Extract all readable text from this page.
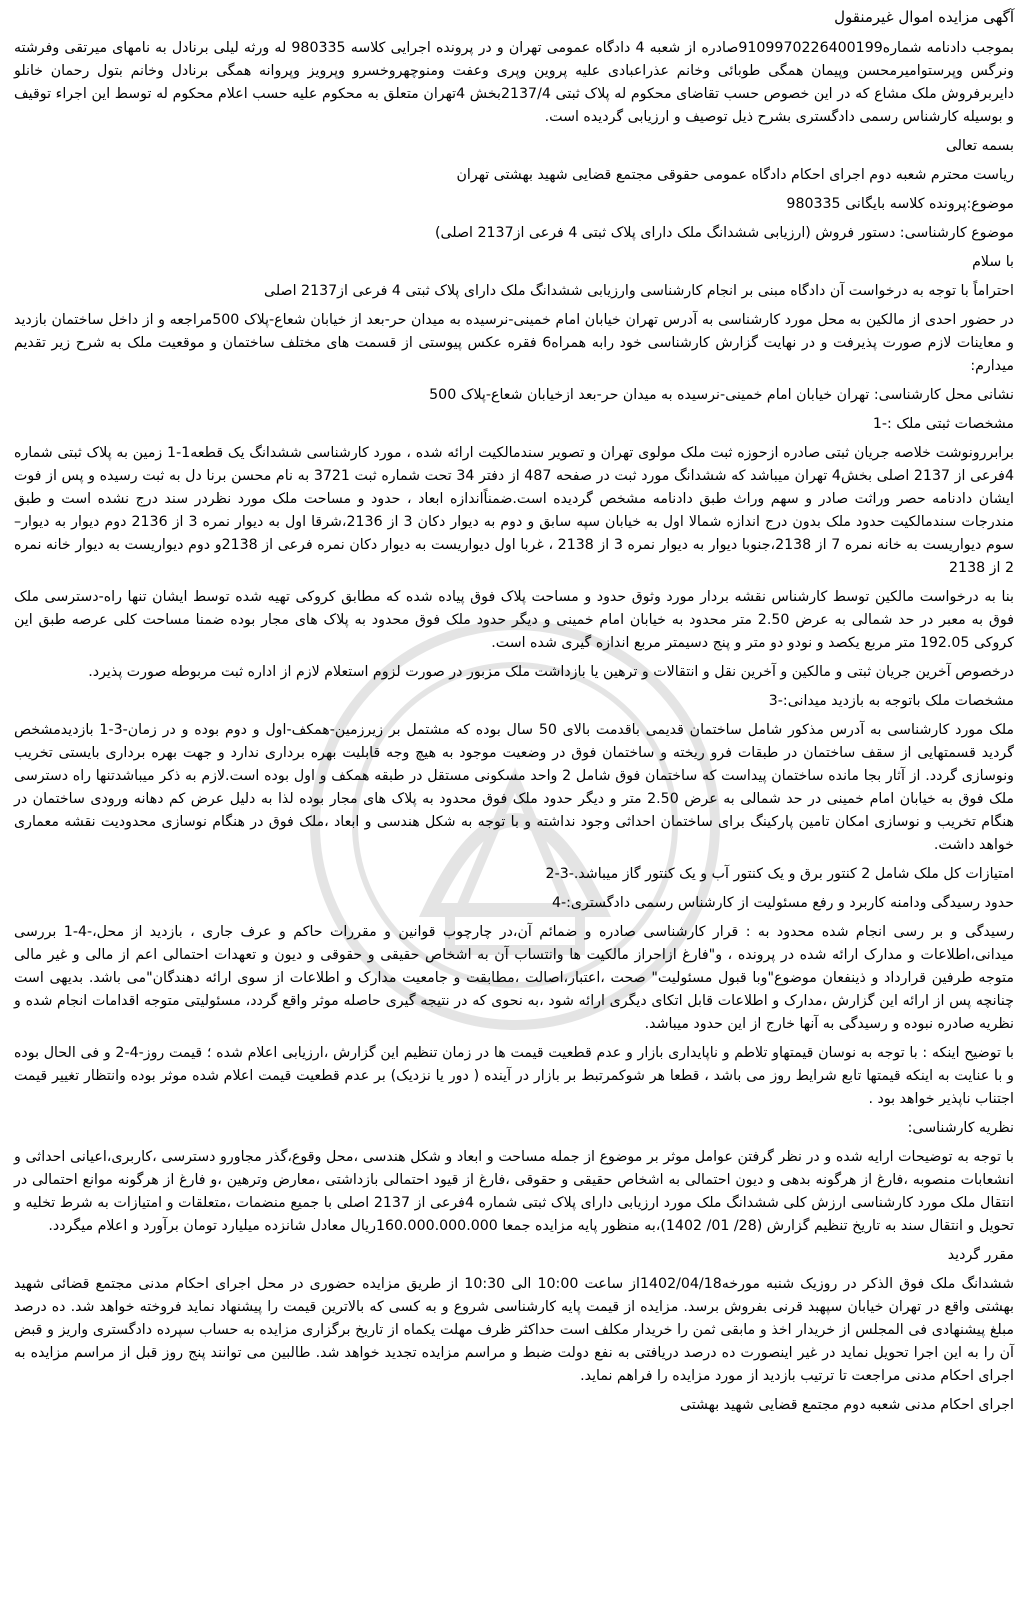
آگهی مزایده اموال غیرمنقول

بموجب دادنامه شماره9109970226400199صادره از شعبه 4 دادگاه عمومی تهران و در پرونده اجرایی کلاسه 980335 له ورثه لیلی برنادل به نامهای میرتقی وفرشته ونرگس وپرستوامیرمحسن وپیمان همگی طوبائی وخانم عذراعبادی علیه پروین وپری وعفت ومنوچهروخسرو وپرویز وپروانه همگی برنادل وخانم بتول رحمان خانلو دایربرفروش ملک مشاع که در این خصوص حسب تقاضای محکوم له پلاک ثبتی 2137/4بخش 4تهران متعلق به محکوم علیه حسب اعلام محکوم له توسط این اجراء توقیف و بوسیله کارشناس رسمی دادگستری بشرح ذیل توصیف و ارزیابی گردیده است.

بسمه تعالی

ریاست محترم شعبه دوم اجرای احکام دادگاه عمومی حقوقی مجتمع قضایی شهید بهشتی تهران

موضوع:پرونده کلاسه بایگانی 980335

موضوع کارشناسی: دستور فروش (ارزیابی ششدانگ ملک دارای پلاک ثبتی 4 فرعی از2137 اصلی)

با سلام

احتراماً با توجه به درخواست آن دادگاه مبنی بر انجام کارشناسی وارزیابی ششدانگ ملک دارای پلاک ثبتی 4 فرعی از2137 اصلی

در حضور احدی از مالکین به محل مورد کارشناسی به آدرس تهران خیابان امام خمینی-نرسیده به میدان حر-بعد از خیابان شعاع-پلاک 500مراجعه و از داخل ساختمان بازدید و معاینات لازم صورت پذیرفت و در نهایت گزارش کارشناسی خود رابه همراه6 فقره عکس پیوستی از قسمت های مختلف ساختمان و موقعیت ملک به شرح زیر تقدیم میدارم:

نشانی محل کارشناسی: تهران خیابان امام خمینی-نرسیده به میدان حر-بعد ازخیابان شعاع-پلاک 500

مشخصات ثبتی ملک :-1

برابررونوشت خلاصه جریان ثبتی صادره ازحوزه ثبت ملک مولوی تهران و تصویر سندمالکیت ارائه شده ، مورد کارشناسی ششدانگ یک قطعه1-1 زمین به پلاک ثبتی شماره 4فرعی از 2137 اصلی بخش4 تهران میباشد که ششدانگ مورد ثبت در صفحه 487 از دفتر 34 تحت شماره ثبت 3721 به نام محسن برنا دل به ثبت رسیده و پس از فوت ایشان دادنامه حصر وراثت صادر و سهم وراث طبق دادنامه مشخص گردیده است.ضمناًاندازه ابعاد ، حدود و مساحت ملک مورد نظردر سند درج نشده است و طبق مندرجات سندمالکیت حدود ملک بدون درج اندازه شمالا اول به خیابان سپه سابق و دوم به دیوار دکان 3 از 2136،شرقا اول به دیوار نمره 3 از 2136 دوم دیوار به دیوار–سوم دیواریست به خانه نمره 7 از 2138،جنوبا دیوار به دیوار نمره 3 از 2138 ، غربا اول دیواریست به دیوار دکان نمره فرعی از 2138و دوم دیواریست به دیوار خانه نمره 2 از 2138

بنا به درخواست مالکین توسط کارشناس نقشه بردار مورد وثوق حدود و مساحت پلاک فوق پیاده شده که مطابق کروکی تهیه شده توسط ایشان تنها راه-دسترسی ملک فوق به معبر در حد شمالی به عرض 2.50 متر محدود به خیابان امام خمینی و دیگر حدود ملک فوق محدود به پلاک های مجار بوده ضمنا مساحت کلی عرصه طبق این کروکی 192.05 متر مربع یکصد و نودو دو متر و پنج دسیمتر مربع اندازه گیری شده است.

درخصوص آخرین جریان ثبتی و مالکین و آخرین نقل و انتقالات و ترهین یا بازداشت ملک مزبور در صورت لزوم استعلام لازم از اداره ثبت مربوطه صورت پذیرد.

مشخصات ملک باتوجه به بازدید میدانی:-3

ملک مورد کارشناسی به آدرس مذکور شامل ساختمان قدیمی باقدمت بالای 50 سال بوده که مشتمل بر زیرزمین-همکف-اول و دوم بوده و در زمان-3-1 بازدیدمشخص گردید قسمتهایی از سقف ساختمان در طبقات فرو ریخته و ساختمان فوق در وضعیت موجود به هیچ وجه قابلیت بهره برداری ندارد و جهت بهره برداری بایستی تخریب ونوسازی گردد. از آثار بجا مانده ساختمان پیداست که ساختمان فوق شامل 2 واحد مسکونی مستقل در طبقه همکف و اول بوده است.لازم به ذکر میباشدتنها راه دسترسی ملک فوق به خیابان امام خمینی در حد شمالی به عرض 2.50 متر و دیگر حدود ملک فوق محدود به پلاک های مجار بوده لذا به دلیل عرض کم دهانه ورودی ساختمان در هنگام تخریب و نوسازی امکان تامین پارکینگ برای ساختمان احداثی وجود نداشته و با توجه به شکل هندسی و ابعاد ،ملک فوق در هنگام نوسازی محدودیت نقشه معماری خواهد داشت.

امتیازات کل ملک شامل 2 کنتور برق و یک کنتور آب و یک کنتور گاز میباشد.-3-2

حدود رسیدگی ودامنه کاربرد و رفع مسئولیت از کارشناس رسمی دادگستری:-4

رسیدگی و بر رسی انجام شده محدود به : قرار کارشناسی صادره و ضمائم آن،در چارچوب قوانین و مقررات حاکم و عرف جاری ، بازدید از محل،-4-1 بررسی میدانی،اطلاعات و مدارک ارائه شده در پرونده ، و"فارغ ازاحراز مالکیت ها وانتساب آن به اشخاص حقیقی و حقوقی و دیون و تعهدات احتمالی اعم از مالی و غیر مالی متوجه طرفین قرارداد و ذینفعان موضوع"وبا قبول مسئولیت" صحت ،اعتبار،اصالت ،مطابقت و جامعیت مدارک و اطلاعات از سوی ارائه دهندگان"می باشد. بدیهی است چنانچه پس از ارائه این گزارش ،مدارک و اطلاعات قابل اتکای دیگری ارائه شود ،به نحوی که در نتیجه گیری حاصله موثر واقع گردد، مسئولیتی متوجه اقدامات انجام شده و نظریه صادره نبوده و رسیدگی به آنها خارج از این حدود میباشد.

با توضیح اینکه : با توجه به نوسان قیمتهاو تلاطم و ناپایداری بازار و عدم قطعیت قیمت ها در زمان تنظیم این گزارش ،ارزیابی اعلام شده ؛ قیمت روز-4-2 و فی الحال بوده و با عنایت به اینکه قیمتها تابع شرایط روز می باشد ، قطعا هر شوکمرتبط بر بازار در آینده ( دور یا نزدیک) بر عدم قطعیت قیمت اعلام شده موثر بوده وانتظار تغییر قیمت اجتناب ناپذیر خواهد بود .

نظریه کارشناسی:

با توجه به توضیحات ارایه شده و در نظر گرفتن عوامل موثر بر موضوع از جمله مساحت و ابعاد و شکل هندسی ،محل وقوع،گذر مجاورو دسترسی ،کاربری،اعیانی احداثی و انشعابات منصوبه ،فارغ از هرگونه بدهی و دیون احتمالی به اشخاص حقیقی و حقوقی ،فارغ از قیود احتمالی بازداشتی ،معارض وترهین ،و فارغ از هرگونه موانع احتمالی در انتقال ملک مورد کارشناسی ارزش کلی ششدانگ ملک مورد ارزیابی دارای پلاک ثبتی شماره 4فرعی از 2137 اصلی با جمیع منضمات ،متعلقات و امتیازات به شرط تخلیه و تحویل و انتقال سند به تاریخ تنظیم گزارش (28/ 01/ 1402)،به منظور پایه مزایده جمعا 160.000.000.000ریال معادل شانزده میلیارد تومان برآورد و اعلام میگردد.

مقرر گردید

ششدانگ ملک فوق الذکر در روزیک شنبه مورخه1402/04/18از ساعت 10:00 الی 10:30 از طریق مزایده حضوری در محل اجرای احکام مدنی مجتمع قضائی شهید بهشتی واقع در تهران خیابان سپهبد قرنی بفروش برسد. مزایده از قیمت پایه کارشناسی شروع و به کسی که بالاترین قیمت را پیشنهاد نماید فروخته خواهد شد. ده درصد مبلغ پیشنهادی فی المجلس از خریدار اخذ و مابقی ثمن را خریدار مکلف است حداکثر ظرف مهلت یکماه از تاریخ برگزاری مزایده به حساب سپرده دادگستری واریز و قبض آن را به این اجرا تحویل نماید در غیر اینصورت ده درصد دریافتی به نفع دولت ضبط و مراسم مزایده تجدید خواهد شد. طالبین می توانند پنج روز قبل از مراسم مزایده به اجرای احکام مدنی مراجعت تا ترتیب بازدید از مورد مزایده را فراهم نماید.

اجرای احکام مدنی شعبه دوم مجتمع قضایی شهید بهشتی
